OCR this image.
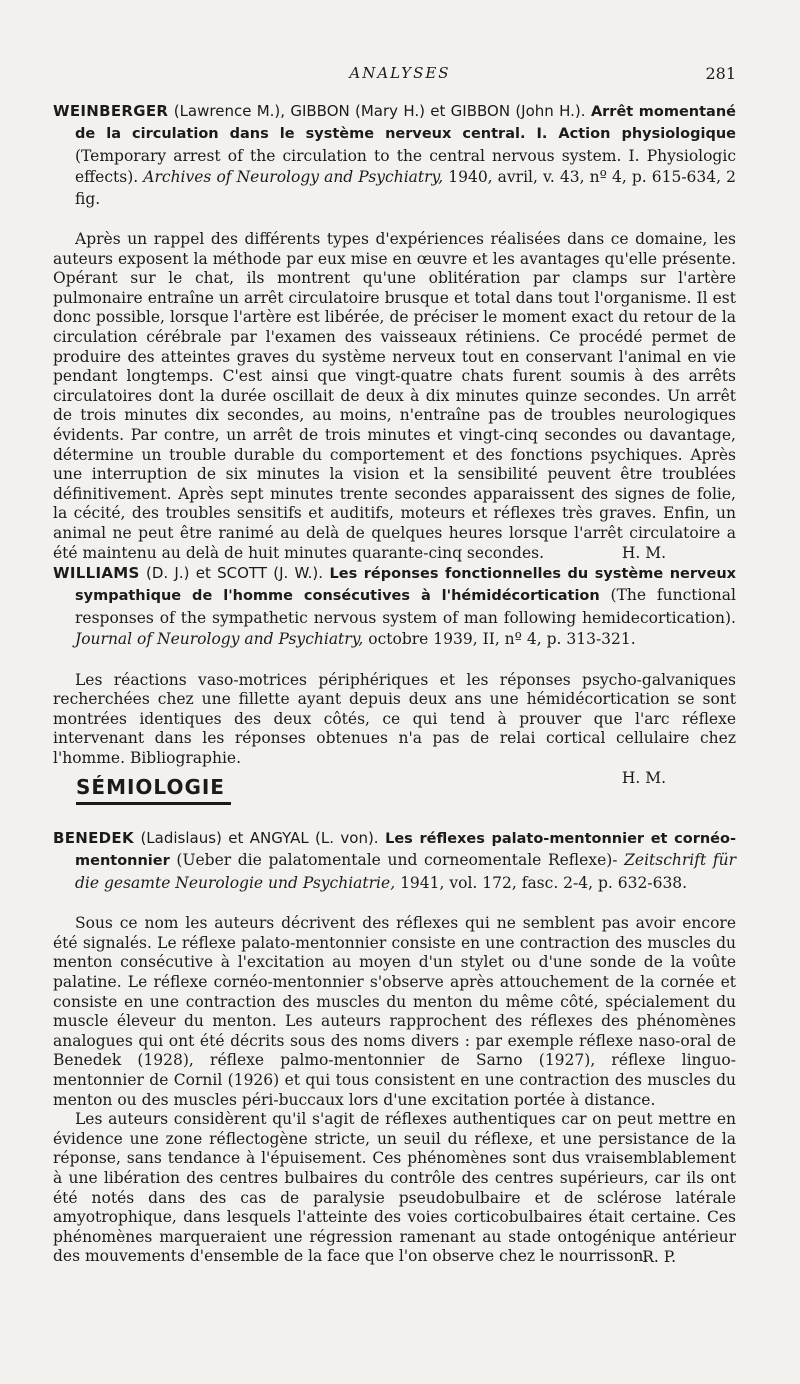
ANALYSES	281
WEINBERGER (Lawrence M.), GIBBON (Mary H.) et GIBBON (John H.). Arrêt momentané de la circulation dans le système nerveux central. I. Action physiologique (Temporary arrest of the circulation to the central nervous system. I. Physiologic effects). Archives of Neurology and Psychiatry, 1940, avril, v. 43, nº 4, p. 615-634, 2 fig.

Après un rappel des différents types d'expériences réalisées dans ce domaine, les auteurs exposent la méthode par eux mise en œuvre et les avantages qu'elle présente. Opérant sur le chat, ils montrent qu'une oblitération par clamps sur l'artère pulmonaire entraîne un arrêt circulatoire brusque et total dans tout l'organisme. Il est donc possible, lorsque l'artère est libérée, de préciser le moment exact du retour de la circulation cérébrale par l'examen des vaisseaux rétiniens. Ce procédé permet de produire des atteintes graves du système nerveux tout en conservant l'animal en vie pendant longtemps. C'est ainsi que vingt-quatre chats furent soumis à des arrêts circulatoires dont la durée oscillait de deux à dix minutes quinze secondes. Un arrêt de trois minutes dix secondes, au moins, n'entraîne pas de troubles neurologiques évidents. Par contre, un arrêt de trois minutes et vingt-cinq secondes ou davantage, détermine un trouble durable du comportement et des fonctions psychiques. Après une interruption de six minutes la vision et la sensibilité peuvent être troublées définitivement. Après sept minutes trente secondes apparaissent des signes de folie, la cécité, des troubles sensitifs et auditifs, moteurs et réflexes très graves. Enfin, un animal ne peut être ranimé au delà de quelques heures lorsque l'arrêt circulatoire a été maintenu au delà de huit minutes quarante-cinq secondes.	H. M.
WILLIAMS (D. J.) et SCOTT (J. W.). Les réponses fonctionnelles du système nerveux sympathique de l'homme consécutives à l'hémidécortication (The functional responses of the sympathetic nervous system of man following hemidecortication). Journal of Neurology and Psychiatry, octobre 1939, II, nº 4, p. 313-321.

Les réactions vaso-motrices périphériques et les réponses psycho-galvaniques recherchées chez une fillette ayant depuis deux ans une hémidécortication se sont montrées identiques des deux côtés, ce qui tend à prouver que l'arc réflexe intervenant dans les réponses obtenues n'a pas de relai cortical cellulaire chez l'homme. Bibliographie.

H. M.
SÉMIOLOGIE
BENEDEK (Ladislaus) et ANGYAL (L. von). Les réflexes palato-mentonnier et cornéo-mentonnier (Ueber die palatomentale und corneomentale Reflexe)- Zeitschrift für die gesamte Neurologie und Psychiatrie, 1941, vol. 172, fasc. 2-4, p. 632-638.

Sous ce nom les auteurs décrivent des réflexes qui ne semblent pas avoir encore été signalés. Le réflexe palato-mentonnier consiste en une contraction des muscles du menton consécutive à l'excitation au moyen d'un stylet ou d'une sonde de la voûte palatine. Le réflexe cornéo-mentonnier s'observe après attouchement de la cornée et consiste en une contraction des muscles du menton du même côté, spécialement du muscle éleveur du menton. Les auteurs rapprochent des réflexes des phénomènes analogues qui ont été décrits sous des noms divers : par exemple réflexe naso-oral de Benedek (1928), réflexe palmo-mentonnier de Sarno (1927), réflexe linguo-mentonnier de Cornil (1926) et qui tous consistent en une contraction des muscles du menton ou des muscles péri-buccaux lors d'une excitation portée à distance.

Les auteurs considèrent qu'il s'agit de réflexes authentiques car on peut mettre en évidence une zone réflectogène stricte, un seuil du réflexe, et une persistance de la réponse, sans tendance à l'épuisement. Ces phénomènes sont dus vraisemblablement à une libération des centres bulbaires du contrôle des centres supérieurs, car ils ont été notés dans des cas de paralysie pseudobulbaire et de sclérose latérale amyotrophique, dans lesquels l'atteinte des voies corticobulbaires était certaine. Ces phénomènes marqueraient une régression ramenant au stade ontogénique antérieur des mouvements d'ensemble de la face que l'on observe chez le nourrisson.

R. P.
